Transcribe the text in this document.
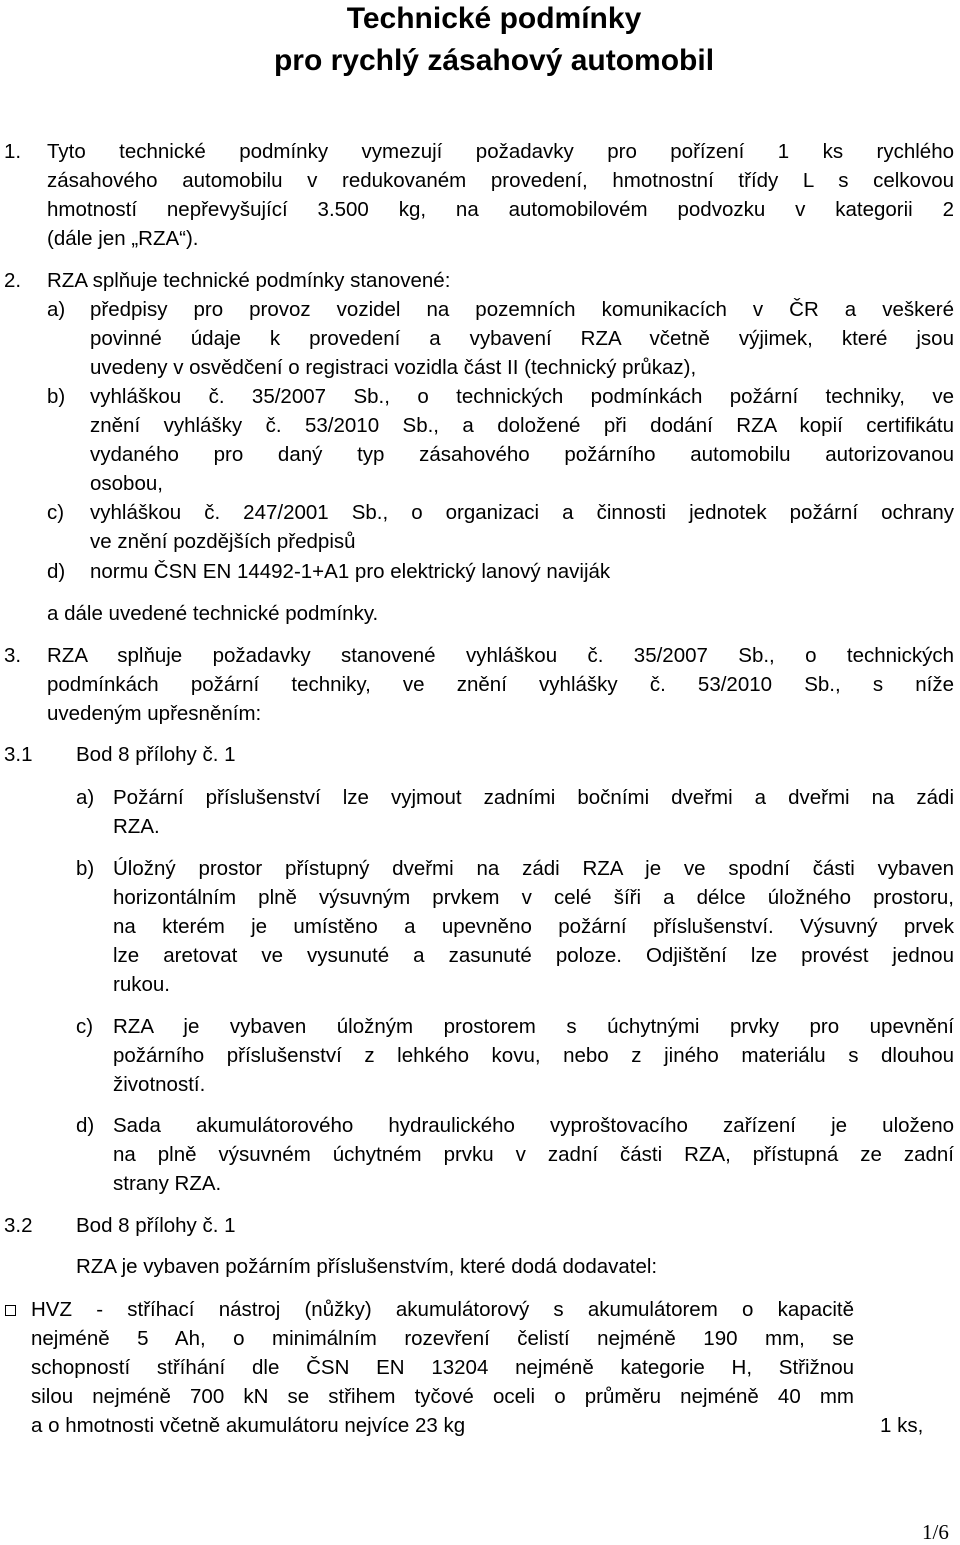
Technické podmínky
pro rychlý zásahový automobil
1. Tyto technické podmínky vymezují požadavky pro pořízení 1 ks rychlého
zásahového automobilu v redukovaném provedení, hmotnostní třídy L s celkovou
hmotností nepřevyšující 3.500 kg, na automobilovém podvozku v kategorii 2
(dále jen „RZA“).
2. RZA splňuje technické podmínky stanovené:
a) předpisy pro provoz vozidel na pozemních komunikacích v ČR a veškeré
povinné údaje k provedení a vybavení RZA včetně výjimek, které jsou
uvedeny v osvědčení o registraci vozidla část II (technický průkaz),
b) vyhláškou č. 35/2007 Sb., o technických podmínkách požární techniky, ve
znění vyhlášky č. 53/2010 Sb., a doložené při dodání RZA kopií certifikátu
vydaného pro daný typ zásahového požárního automobilu autorizovanou
osobou,
c) vyhláškou č. 247/2001 Sb., o organizaci a činnosti jednotek požární ochrany
ve znění pozdějších předpisů
d) normu ČSN EN 14492-1+A1 pro elektrický lanový naviják
a dále uvedené technické podmínky.
3. RZA splňuje požadavky stanovené vyhláškou č. 35/2007 Sb., o technických
podmínkách požární techniky, ve znění vyhlášky č. 53/2010 Sb., s níže
uvedeným upřesněním:
3.1 Bod 8 přílohy č. 1
a) Požární příslušenství lze vyjmout zadními bočními dveřmi a dveřmi na zádi
RZA.
b) Úložný prostor přístupný dveřmi na zádi RZA je ve spodní části vybaven
horizontálním plně výsuvným prvkem v celé šíři a délce úložného prostoru,
na kterém je umístěno a upevněno požární příslušenství. Výsuvný prvek
lze aretovat ve vysunuté a zasunuté poloze. Odjištění lze provést jednou
rukou.
c) RZA je vybaven úložným prostorem s úchytnými prvky pro upevnění
požárního příslušenství z lehkého kovu, nebo z jiného materiálu s dlouhou
životností.
d) Sada akumulátorového hydraulického vyproštovacího zařízení je uloženo
na plně výsuvném úchytném prvku v zadní části RZA, přístupná ze zadní
strany RZA.
3.2 Bod 8 přílohy č. 1
RZA je vybaven požárním příslušenstvím, které dodá dodavatel:
HVZ - stříhací nástroj (nůžky) akumulátorový s akumulátorem o kapacitě
nejméně 5 Ah, o minimálním rozevření čelistí nejméně 190 mm, se
schopností stříhání dle ČSN EN 13204 nejméně kategorie H, Střižnou
silou nejméně 700 kN se střihem tyčové oceli o průměru nejméně 40 mm
a o hmotnosti včetně akumulátoru nejvíce 23 kg	1 ks,
1/6
